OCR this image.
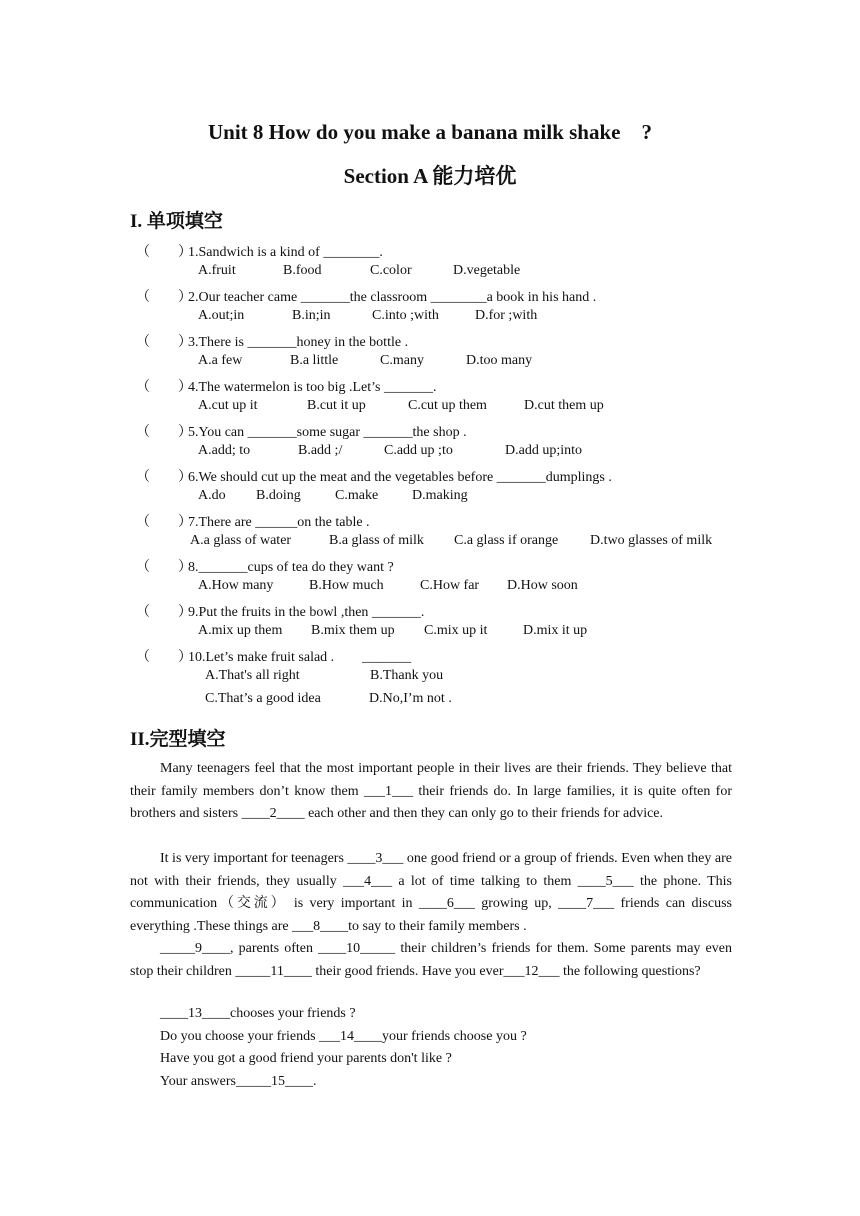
Unit 8 How do you make a banana milk shake　?
Section A 能力培优
I. 单项填空
（　　）1.Sandwich is a kind of ________.
A.fruit	B.food	C.color	D.vegetable
（　　）2.Our teacher came _______the classroom ________a book in his hand .
A.out;in	B.in;in	C.into ;with	D.for ;with
（　　）3.There is _______honey in the bottle .
A.a few	B.a little	C.many	D.too many
（　　）4.The watermelon is too big .Let’s _______.
A.cut up it	B.cut it up	C.cut up them	D.cut them up
（　　）5.You can _______some sugar _______the shop .
A.add; to	B.add ;/	C.add up ;to	D.add up;into
（　　）6.We should cut up the meat and the vegetables before _______dumplings .
A.do B.doing C.make D.making
（　　）7.There are ______on the table .
A.a glass of water	B.a glass of milk C.a glass if orange D.two glasses of milk
（　　）8._______cups of tea do they want ?
A.How many	B.How much	C.How far D.How soon
（　　）9.Put the fruits in the bowl ,then _______.
A.mix up them B.mix them up C.mix up it	D.mix it up
（　　）10.Let’s make fruit salad .　　_______
A.That's all right	B.Thank you
C.That’s a good idea	D.No,I’m not .
II.完型填空
Many teenagers feel that the most important people in their lives are their friends. They believe that their family members don’t know them ___1___ their friends do. In large families, it is quite often for brothers and sisters ____2____ each other and then they can only go to their friends for advice.
It is very important for teenagers ____3___ one good friend or a group of friends. Even when they are not with their friends, they usually ___4___ a lot of time talking to them ____5___ the phone. This communication（交流） is very important in ____6___ growing up, ____7___ friends can discuss everything .These things are ___8____to say to their family members .
_____9____, parents often ____10_____ their children’s friends for them. Some parents may even stop their children _____11____ their good friends. Have you ever___12___ the following questions?
____13____chooses your friends ?
Do you choose your friends ___14____your friends choose you ?
Have you got a good friend your parents don't like ?
Your answers_____15____.
